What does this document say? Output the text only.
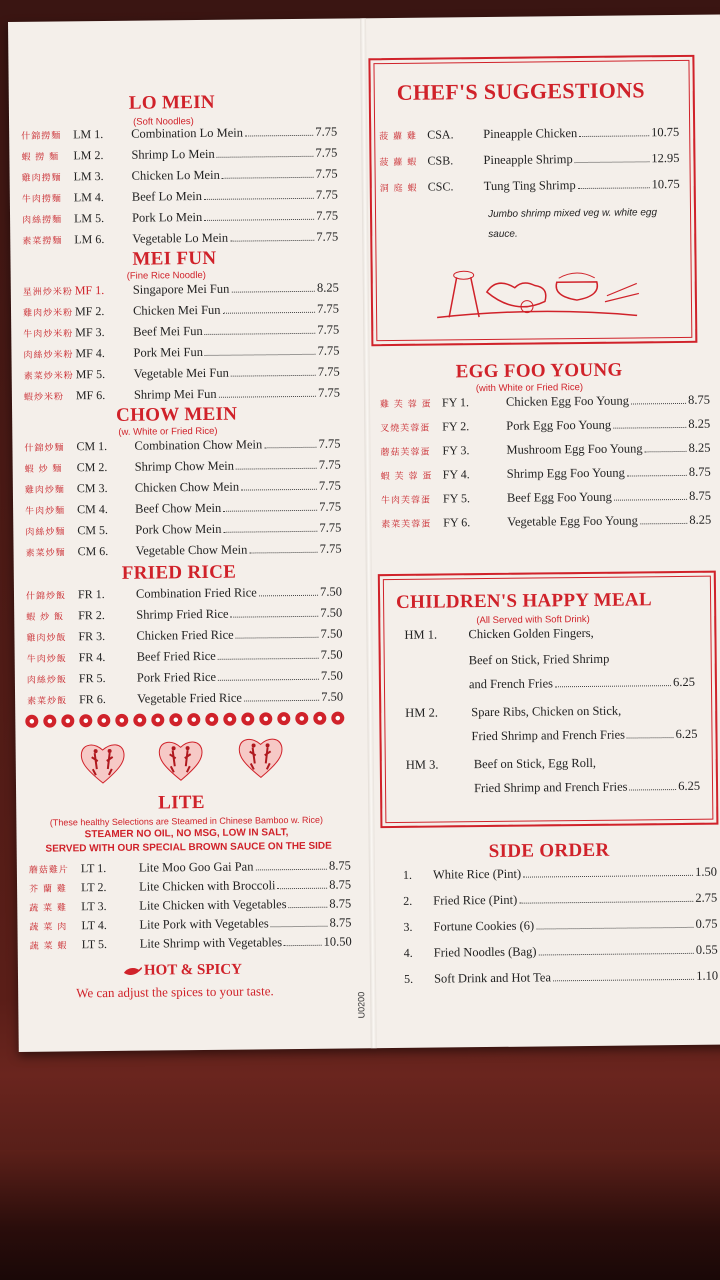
LO MEIN
(Soft Noodles)
什錦撈麵 LM 1.	Combination Lo Mein	7.75
蝦 撈 麵	LM 2.	Shrimp Lo Mein	7.75
雞肉撈麵 LM 3.	Chicken Lo Mein	7.75
牛肉撈麵 LM 4.	Beef Lo Mein	7.75
肉絲撈麵 LM 5.	Pork Lo Mein	7.75
素菜撈麵 LM 6.	Vegetable Lo Mein	7.75
MEI FUN
(Fine Rice Noodle)
星洲炒米粉 MF 1.	Singapore Mei Fun	8.25
雞肉炒米粉 MF 2.	Chicken Mei Fun	7.75
牛肉炒米粉 MF 3.	Beef Mei Fun	7.75
肉絲炒米粉 MF 4.	Pork Mei Fun	7.75
素菜炒米粉 MF 5.	Vegetable Mei Fun	7.75
蝦炒米粉 MF 6.	Shrimp Mei Fun	7.75
CHOW MEIN
(w. White or Fried Rice)
什錦炒麵 CM 1.	Combination Chow Mein	7.75
蝦 炒 麵	CM 2.	Shrimp Chow Mein	7.75
雞肉炒麵 CM 3.	Chicken Chow Mein	7.75
牛肉炒麵 CM 4.	Beef Chow Mein	7.75
肉絲炒麵 CM 5.	Pork Chow Mein	7.75
素菜炒麵 CM 6.	Vegetable Chow Mein	7.75
FRIED RICE
什錦炒飯 FR 1.	Combination Fried Rice	7.50
蝦 炒 飯	FR 2.	Shrimp Fried Rice	7.50
雞肉炒飯 FR 3.	Chicken Fried Rice	7.50
牛肉炒飯 FR 4.	Beef Fried Rice	7.50
肉絲炒飯 FR 5.	Pork Fried Rice	7.50
素菜炒飯 FR 6.	Vegetable Fried Rice	7.50
LITE
(These healthy Selections are Steamed in Chinese Bamboo w. Rice)
STEAMER NO OIL, NO MSG, LOW IN SALT,
SERVED WITH OUR SPECIAL BROWN SAUCE ON THE SIDE
蘑菇雞片 LT 1.	Lite Moo Goo Gai Pan	8.75
芥 蘭 雞	LT 2.	Lite Chicken with Broccoli	8.75
蔬 菜 雞	LT 3.	Lite Chicken with Vegetables	8.75
蔬 菜 肉	LT 4.	Lite Pork with Vegetables	8.75
蔬 菜 蝦	LT 5.	Lite Shrimp with Vegetables	10.50
HOT & SPICY
We can adjust the spices to your taste.	U0200
CHEF'S SUGGESTIONS
菠 蘿 雞 CSA.	Pineapple Chicken	10.75
菠 蘿 蝦 CSB.	Pineapple Shrimp	12.95
洞 庭 蝦 CSC.	Tung Ting Shrimp	10.75
Jumbo shrimp mixed veg w. white egg
sauce.
EGG FOO YOUNG
(with White or Fried Rice)
雞 芙 蓉 蛋 FY 1.	Chicken Egg Foo Young	8.75
叉燒芙蓉蛋 FY 2.	Pork Egg Foo Young	8.25
蘑菇芙蓉蛋 FY 3.	Mushroom Egg Foo Young	8.25
蝦 芙 蓉 蛋 FY 4.	Shrimp Egg Foo Young	8.75
牛肉芙蓉蛋 FY 5.	Beef Egg Foo Young	8.75
素菜芙蓉蛋 FY 6.	Vegetable Egg Foo Young	8.25
CHILDREN'S HAPPY MEAL
(All Served with Soft Drink)
HM 1. Chicken Golden Fingers,
Beef on Stick, Fried Shrimp
and French Fries	6.25
HM 2.	Spare Ribs, Chicken on Stick,
Fried Shrimp and French Fries	6.25
HM 3.	Beef on Stick, Egg Roll,
Fried Shrimp and French Fries	6.25
SIDE ORDER
1.	White Rice (Pint)	1.50
2.	Fried Rice (Pint)	2.75
3.	Fortune Cookies (6)	0.75
4.	Fried Noodles (Bag)	0.55
5.	Soft Drink and Hot Tea	1.10
